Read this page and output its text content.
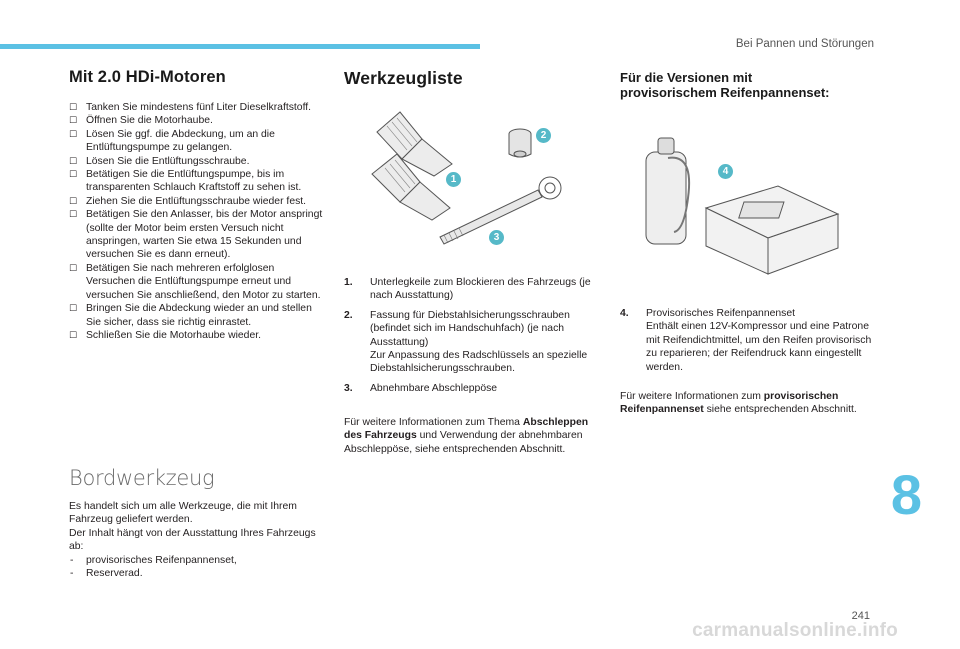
Bei Pannen und Störungen
Mit 2.0 HDi-Motoren
☐ Tanken Sie mindestens fünf Liter Dieselkraftstoff.
☐ Öffnen Sie die Motorhaube.
☐ Lösen Sie ggf. die Abdeckung, um an die Entlüftungspumpe zu gelangen.
☐ Lösen Sie die Entlüftungsschraube.
☐ Betätigen Sie die Entlüftungspumpe, bis im transparenten Schlauch Kraftstoff zu sehen ist.
☐ Ziehen Sie die Entlüftungsschraube wieder fest.
☐ Betätigen Sie den Anlasser, bis der Motor anspringt (sollte der Motor beim ersten Versuch nicht anspringen, warten Sie etwa 15 Sekunden und versuchen Sie es dann erneut).
☐ Betätigen Sie nach mehreren erfolglosen Versuchen die Entlüftungspumpe erneut und versuchen Sie anschließend, den Motor zu starten.
☐ Bringen Sie die Abdeckung wieder an und stellen Sie sicher, dass sie richtig einrastet.
☐ Schließen Sie die Motorhaube wieder.
Bordwerkzeug
Es handelt sich um alle Werkzeuge, die mit Ihrem Fahrzeug geliefert werden.
Der Inhalt hängt von der Ausstattung Ihres Fahrzeugs ab:
- provisorisches Reifenpannenset,
- Reserverad.
Werkzeugliste
1
2
3
1. Unterlegkeile zum Blockieren des Fahrzeugs (je nach Ausstattung)
2. Fassung für Diebstahlsicherungsschrauben (befindet sich im Handschuhfach) (je nach Ausstattung)
Zur Anpassung des Radschlüssels an spezielle Diebstahlsicherungsschrauben.
3. Abnehmbare Abschleppöse
Für weitere Informationen zum Thema Abschleppen des Fahrzeugs und Verwendung der abnehmbaren Abschleppöse, siehe entsprechenden Abschnitt.
Für die Versionen mit
provisorischem Reifenpannenset:
4
4. Provisorisches Reifenpannenset
Enthält einen 12V-Kompressor und eine Patrone mit Reifendichtmittel, um den Reifen provisorisch zu reparieren; der Reifendruck kann eingestellt werden.
Für weitere Informationen zum provisorischen Reifenpannenset siehe entsprechenden Abschnitt.
8
241
carmanualsonline.info
